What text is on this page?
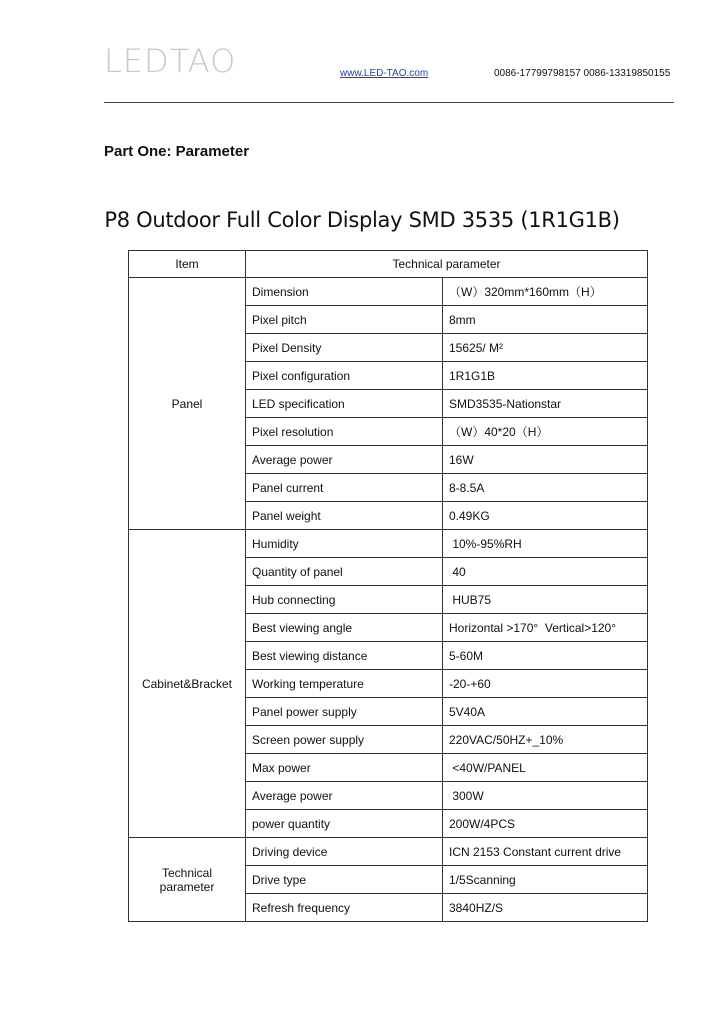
LEDTAO	www.LED-TAO.com	0086-17799798157 0086-13319850155
Part One: Parameter
P8 Outdoor Full Color Display SMD 3535 (1R1G1B)
Item	Technical parameter	
Panel	Dimension	（W）320mm*160mm（H）
	Pixel pitch	8mm
	Pixel Density	15625/ M²
	Pixel configuration	1R1G1B
	LED specification	SMD3535-Nationstar
	Pixel resolution	（W）40*20（H）
	Average power	16W
	Panel current	8-8.5A
	Panel weight	0.49KG
Cabinet&Bracket	Humidity	10%-95%RH
	Quantity of panel	40
	Hub connecting	HUB75
	Best viewing angle	Horizontal >170°  Vertical>120°
	Best viewing distance	5-60M
	Working temperature	-20-+60
	Panel power supply	5V40A
	Screen power supply	220VAC/50HZ+_10%
	Max power	<40W/PANEL
	Average power	300W
	power quantity	200W/4PCS
Technical parameter	Driving device	ICN 2153 Constant current drive
	Drive type	1/5Scanning
	Refresh frequency	3840HZ/S
